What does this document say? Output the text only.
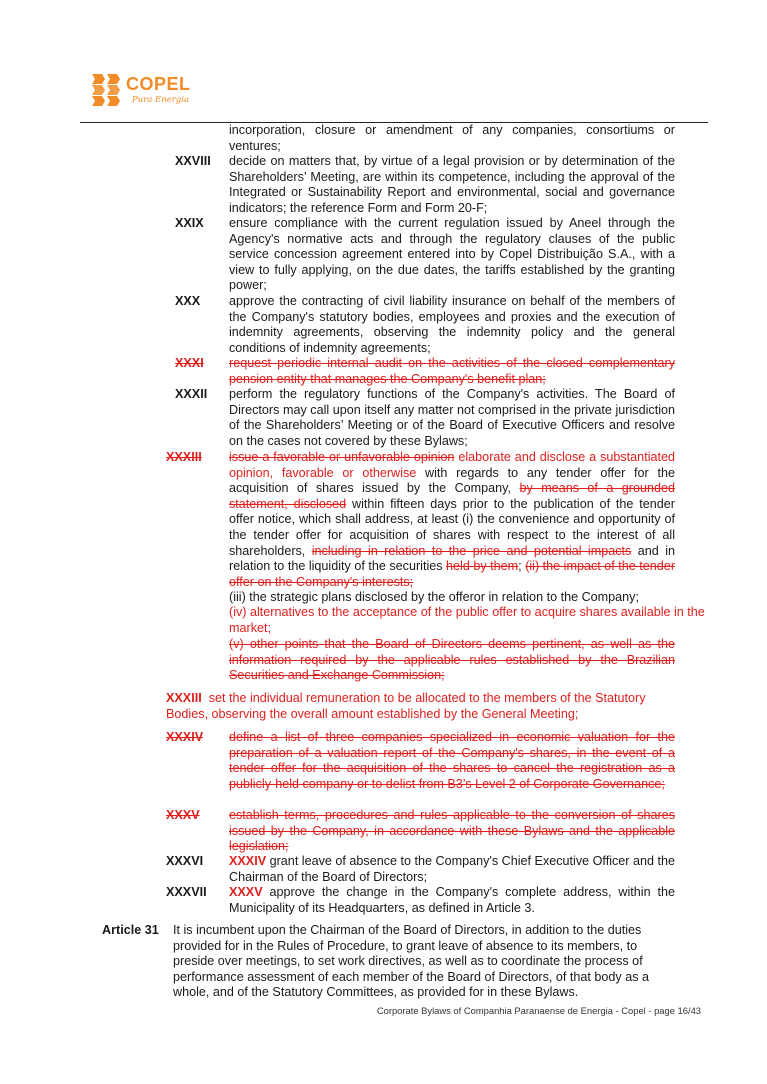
COPEL
Pura Energia
incorporation, closure or amendment of any companies, consortiums or ventures;
XXVIII decide on matters that, by virtue of a legal provision or by determination of the Shareholders’ Meeting, are within its competence, including the approval of the Integrated or Sustainability Report and environmental, social and governance indicators; the reference Form and Form 20-F;
XXIX ensure compliance with the current regulation issued by Aneel through the Agency's normative acts and through the regulatory clauses of the public service concession agreement entered into by Copel Distribuição S.A., with a view to fully applying, on the due dates, the tariffs established by the granting power;
XXX approve the contracting of civil liability insurance on behalf of the members of the Company's statutory bodies, employees and proxies and the execution of indemnity agreements, observing the indemnity policy and the general conditions of indemnity agreements;
XXXI request periodic internal audit on the activities of the closed complementary pension entity that manages the Company's benefit plan;
XXXII perform the regulatory functions of the Company's activities. The Board of Directors may call upon itself any matter not comprised in the private jurisdiction of the Shareholders’ Meeting or of the Board of Executive Officers and resolve on the cases not covered by these Bylaws;
XXXIII issue a favorable or unfavorable opinion elaborate and disclose a substantiated opinion, favorable or otherwise with regards to any tender offer for the acquisition of shares issued by the Company, by means of a grounded statement, disclosed within fifteen days prior to the publication of the tender offer notice, which shall address, at least (i) the convenience and opportunity of the tender offer for acquisition of shares with respect to the interest of all shareholders, including in relation to the price and potential impacts and in relation to the liquidity of the securities held by them; (ii) the impact of the tender offer on the Company's interests;
(iii) the strategic plans disclosed by the offeror in relation to the Company;
(iv) alternatives to the acceptance of the public offer to acquire shares available in the market;
(v) other points that the Board of Directors deems pertinent, as well as the information required by the applicable rules established by the Brazilian Securities and Exchange Commission;
XXXIII set the individual remuneration to be allocated to the members of the Statutory Bodies, observing the overall amount established by the General Meeting;
XXXIV define a list of three companies specialized in economic valuation for the preparation of a valuation report of the Company's shares, in the event of a tender offer for the acquisition of the shares to cancel the registration as a publicly-held company or to delist from B3’s Level 2 of Corporate Governance;
XXXV establish terms, procedures and rules applicable to the conversion of shares issued by the Company, in accordance with these Bylaws and the applicable legislation;
XXXVI XXXIV grant leave of absence to the Company's Chief Executive Officer and the Chairman of the Board of Directors;
XXXVII XXXV approve the change in the Company's complete address, within the Municipality of its Headquarters, as defined in Article 3.
Article 31 It is incumbent upon the Chairman of the Board of Directors, in addition to the duties provided for in the Rules of Procedure, to grant leave of absence to its members, to preside over meetings, to set work directives, as well as to coordinate the process of performance assessment of each member of the Board of Directors, of that body as a whole, and of the Statutory Committees, as provided for in these Bylaws.
Corporate Bylaws of Companhia Paranaense de Energia - Copel - page 16/43
